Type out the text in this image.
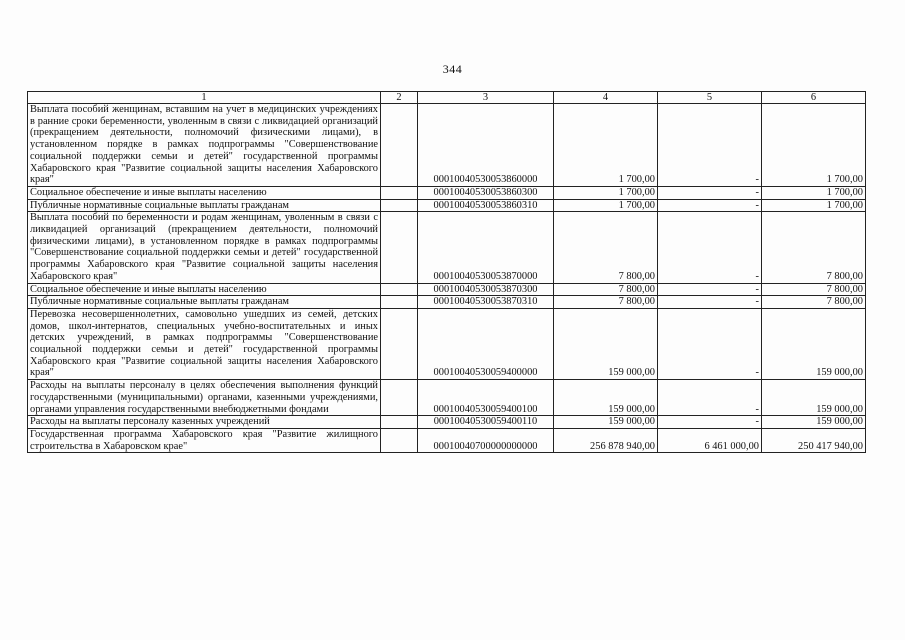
344
1	2	3	4	5	6
Выплата пособий женщинам, вставшим на учет в медицинских учреждениях в ранние сроки беременности, уволенным в связи с ликвидацией организаций (прекращением деятельности, полномочий физическими лицами), в установленном порядке в рамках подпрограммы "Совершенствование социальной поддержки семьи и детей" государственной программы Хабаровского края "Развитие социальной защиты населения Хабаровского края"		00010040530053860000	1 700,00	-	1 700,00
Социальное обеспечение и иные выплаты населению		00010040530053860300	1 700,00	-	1 700,00
Публичные нормативные социальные выплаты гражданам		00010040530053860310	1 700,00	-	1 700,00
Выплата пособий по беременности и родам женщинам, уволенным в связи с ликвидацией организаций (прекращением деятельности, полномочий физическими лицами), в установленном порядке в рамках подпрограммы "Совершенствование социальной поддержки семьи и детей" государственной программы Хабаровского края "Развитие социальной защиты населения Хабаровского края"		00010040530053870000	7 800,00	-	7 800,00
Социальное обеспечение и иные выплаты населению		00010040530053870300	7 800,00	-	7 800,00
Публичные нормативные социальные выплаты гражданам		00010040530053870310	7 800,00	-	7 800,00
Перевозка несовершеннолетних, самовольно ушедших из семей, детских домов, школ-интернатов, специальных учебно-воспитательных и иных детских учреждений, в рамках подпрограммы "Совершенствование социальной поддержки семьи и детей" государственной программы Хабаровского края "Развитие социальной защиты населения Хабаровского края"		00010040530059400000	159 000,00	-	159 000,00
Расходы на выплаты персоналу в целях обеспечения выполнения функций государственными (муниципальными) органами, казенными учреждениями, органами управления государственными внебюджетными фондами		00010040530059400100	159 000,00	-	159 000,00
Расходы на выплаты персоналу казенных учреждений		00010040530059400110	159 000,00	-	159 000,00
Государственная программа Хабаровского края "Развитие жилищного строительства в Хабаровском крае"		00010040700000000000	256 878 940,00	6 461 000,00	250 417 940,00
